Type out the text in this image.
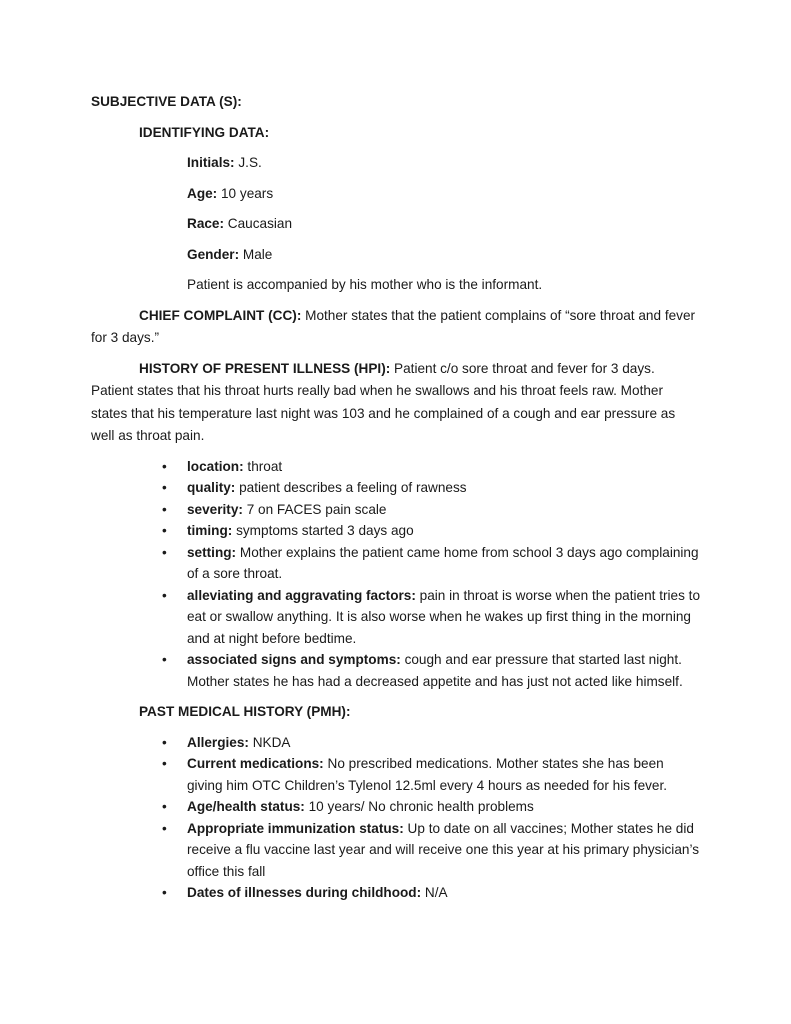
SUBJECTIVE DATA (S):

IDENTIFYING DATA:

Initials: J.S.

Age: 10 years

Race: Caucasian

Gender: Male

Patient is accompanied by his mother who is the informant.

CHIEF COMPLAINT (CC): Mother states that the patient complains of “sore throat and fever for 3 days.”

HISTORY OF PRESENT ILLNESS (HPI): Patient c/o sore throat and fever for 3 days. Patient states that his throat hurts really bad when he swallows and his throat feels raw. Mother states that his temperature last night was 103 and he complained of a cough and ear pressure as well as throat pain.

• location: throat
• quality: patient describes a feeling of rawness
• severity: 7 on FACES pain scale
• timing: symptoms started 3 days ago
• setting: Mother explains the patient came home from school 3 days ago complaining of a sore throat.
• alleviating and aggravating factors: pain in throat is worse when the patient tries to eat or swallow anything. It is also worse when he wakes up first thing in the morning and at night before bedtime.
• associated signs and symptoms: cough and ear pressure that started last night. Mother states he has had a decreased appetite and has just not acted like himself.

PAST MEDICAL HISTORY (PMH):

• Allergies: NKDA
• Current medications: No prescribed medications. Mother states she has been giving him OTC Children’s Tylenol 12.5ml every 4 hours as needed for his fever.
• Age/health status: 10 years/ No chronic health problems
• Appropriate immunization status: Up to date on all vaccines; Mother states he did receive a flu vaccine last year and will receive one this year at his primary physician’s office this fall
• Dates of illnesses during childhood: N/A
